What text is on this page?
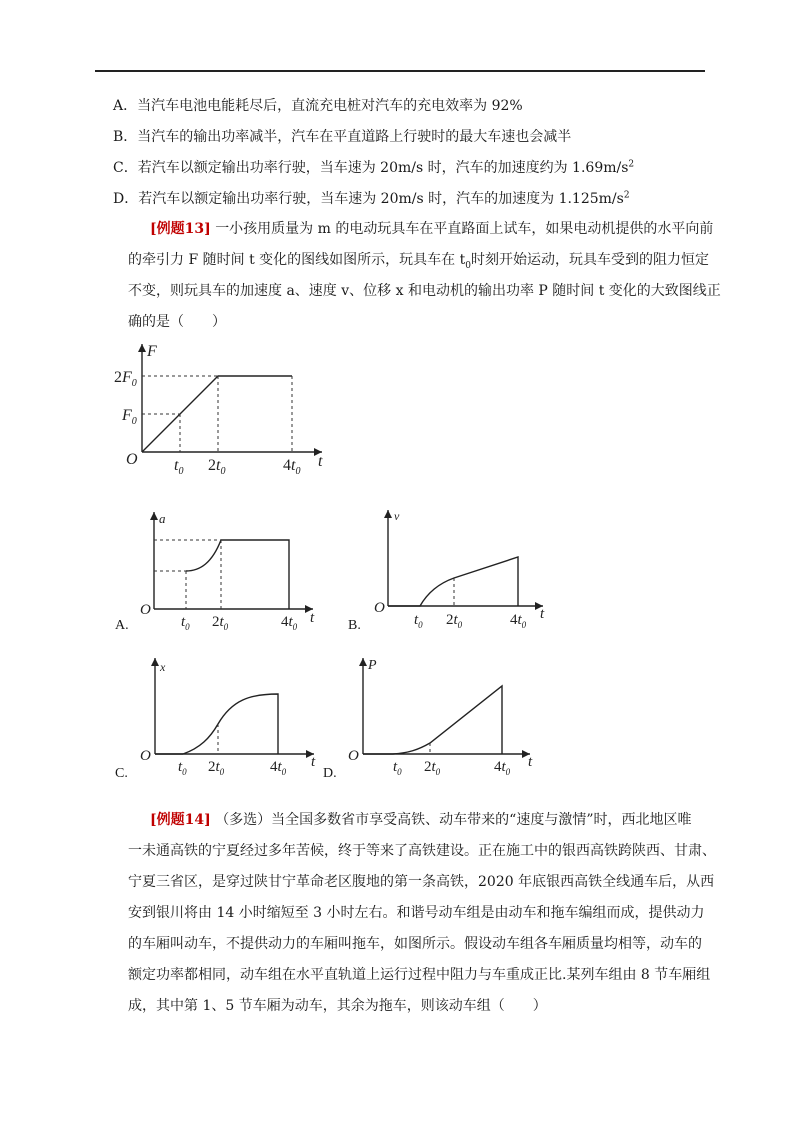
A．当汽车电池电能耗尽后，直流充电桩对汽车的充电效率为 92%
B．当汽车的输出功率减半，汽车在平直道路上行驶时的最大车速也会减半
C．若汽车以额定输出功率行驶，当车速为 20m/s 时，汽车的加速度约为 $1.69m/s^2$
D．若汽车以额定输出功率行驶，当车速为 20m/s 时，汽车的加速度为 $1.125m/s^2$
[例题13] 一小孩用质量为 m 的电动玩具车在平直路面上试车，如果电动机提供的水平向前
的牵引力 F 随时间 t 变化的图线如图所示，玩具车在 $t_0$时刻开始运动，玩具车受到的阻力恒定
不变，则玩具车的加速度 a、速度 v、位移 x 和电动机的输出功率 P 随时间 t 变化的大致图线正
确的是（　　）
F
$2F_0$
$F_0$
O $t_0$ $2t_0$	$4t_0$
t
a
O
$t_0$ $2t_0$	$4t_0$
t
v
O
$t_0$ $2t_0$	$4t_0$
t
x
O
$t_0$ $2t_0$	$4t_0$
t
P
O
$t_0$ $2t_0$	$4t_0$
t
A.	B.
C.	D.
[例题14] （多选）当全国多数省市享受高铁、动车带来的“速度与激情”时，西北地区唯
一未通高铁的宁夏经过多年苦候，终于等来了高铁建设。正在施工中的银西高铁跨陕西、甘肃、
宁夏三省区，是穿过陕甘宁革命老区腹地的第一条高铁，2020 年底银西高铁全线通车后，从西
安到银川将由 14 小时缩短至 3 小时左右。和谐号动车组是由动车和拖车编组而成，提供动力
的车厢叫动车，不提供动力的车厢叫拖车，如图所示。假设动车组各车厢质量均相等，动车的
额定功率都相同，动车组在水平直轨道上运行过程中阻力与车重成正比.某列车组由 8 节车厢组
成，其中第 1、5 节车厢为动车，其余为拖车，则该动车组（　　）
